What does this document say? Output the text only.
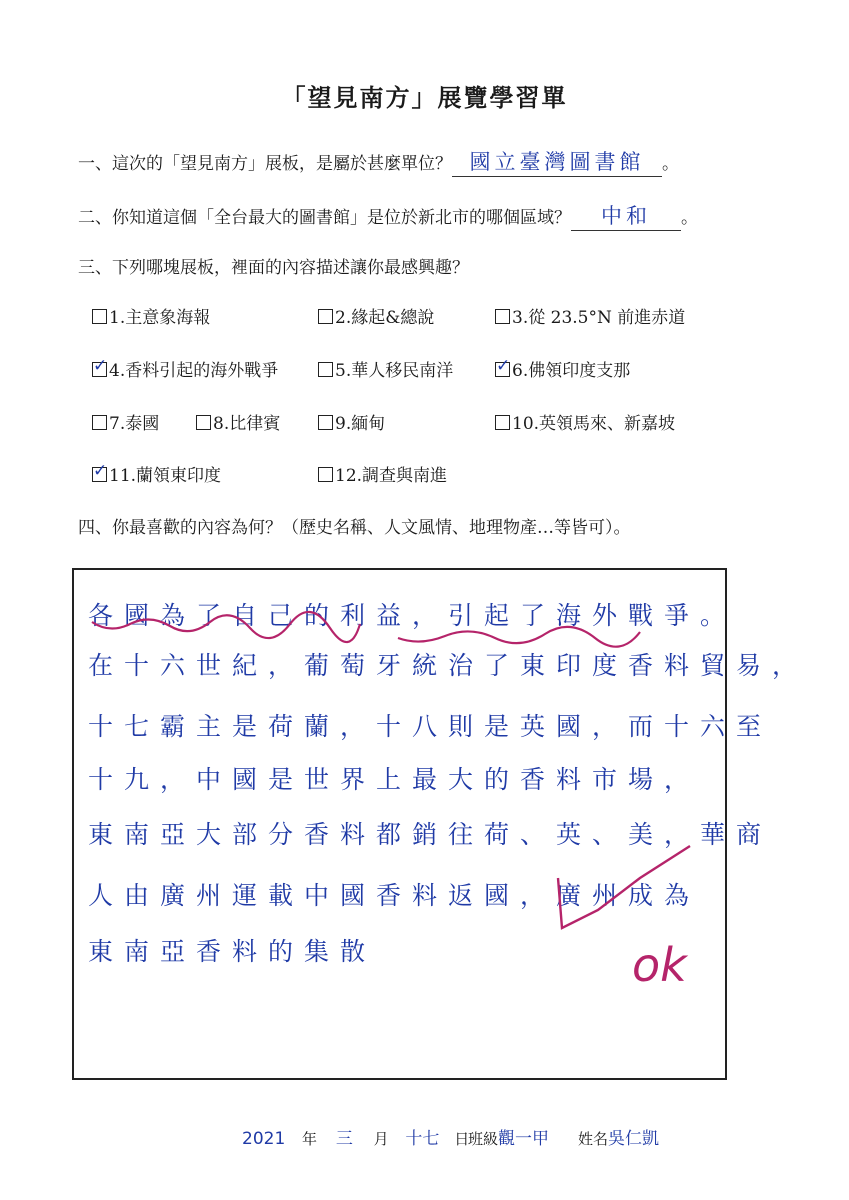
「望見南方」展覽學習單
一、這次的「望見南方」展板，是屬於甚麼單位？ 國立臺灣圖書館 。
二、你知道這個「全台最大的圖書館」是位於新北市的哪個區域？ 中和 。
三、下列哪塊展板，裡面的內容描述讓你最感興趣？
1.主意象海報	2.緣起&總說	3.從 23.5°N 前進赤道
✓ 4.香料引起的海外戰爭	5.華人移民南洋	✓ 6.佛領印度支那
7.泰國	8.比律賓	9.緬甸	10.英領馬來、新嘉坡
✓ 11.蘭領東印度	12.調查與南進
四、你最喜歡的內容為何？（歷史名稱、人文風情、地理物產…等皆可）。
各國為了自己的利益，引起了海外戰爭。
在十六世紀，葡萄牙統治了東印度香料貿易，
十七霸主是荷蘭，十八則是英國，而十六至
十九，中國是世界上最大的香料市場，
東南亞大部分香料都銷往荷、英、美，華商
人由廣州運載中國香料返國，廣州成為
東南亞香料的集散	ok
2021 年 三 月 十七 日
班級觀一甲 姓名吳仁凱
